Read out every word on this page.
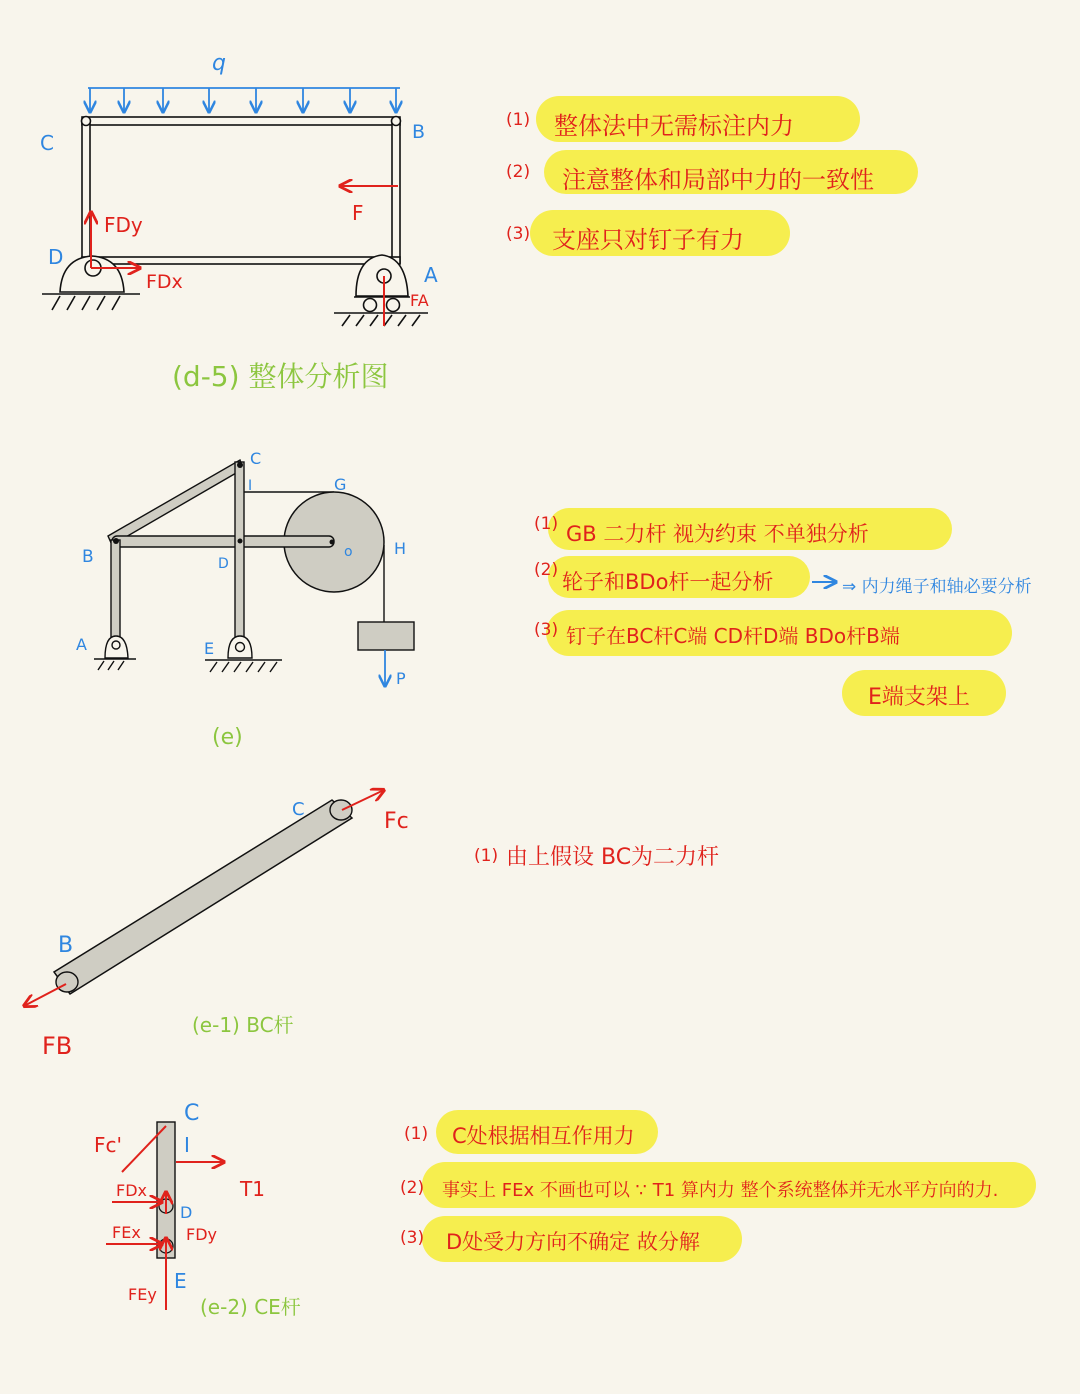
q
FDy
FDx
F
FA
C	B
D
A
(d-5) 整体分析图
C
I	G
B	D
o	H
A	E
P
(e)
C
B
Fc
FB
(e-1) BC杆
C
I
D
E
Fc'
T1
FDx
FEx	FDy
FEy
(e-2) CE杆
(1) 整体法中无需标注内力
(2) 注意整体和局部中力的一致性
(3) 支座只对钉子有力
(1) GB 二力杆 视为约束 不单独分析
(2) 轮子和BDo杆一起分析	⇒ 内力绳子和轴必要分析
(3) 钉子在BC杆C端 CD杆D端 BDo杆B端
E端支架上
(1) 由上假设 BC为二力杆
(1) C处根据相互作用力
(2) 事实上 FEx 不画也可以 ∵ T1 算内力 整个系统整体并无水平方向的力.
(3) D处受力方向不确定 故分解
